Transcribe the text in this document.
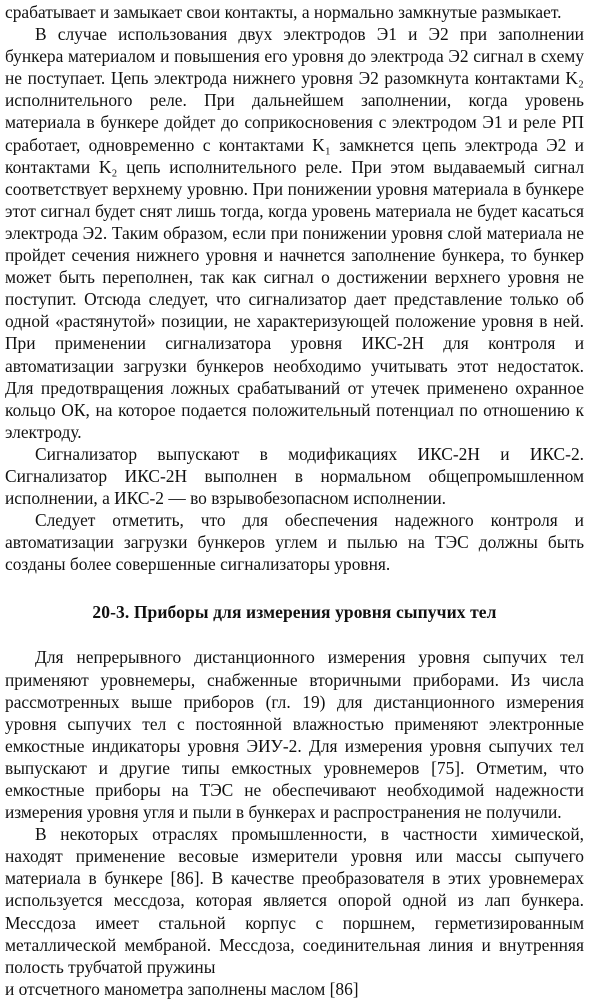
срабатывает и замыкает свои контакты, а нормально замкнутые размыкает.

В случае использования двух электродов Э1 и Э2 при заполнении бункера материалом и повышения его уровня до электрода Э2 сигнал в схему не поступает. Цепь электрода нижнего уровня Э2 разомкнута контактами K₂ исполнительного реле. При дальнейшем заполнении, когда уровень материала в бункере дойдет до соприкосновения с электродом Э1 и реле РП сработает, одновременно с контактами K₁ замкнется цепь электрода Э2 и контактами K₂ цепь исполнительного реле. При этом выдаваемый сигнал соответствует верхнему уровню. При понижении уровня материала в бункере этот сигнал будет снят лишь тогда, когда уровень материала не будет касаться электрода Э2. Таким образом, если при понижении уровня слой материала не пройдет сечения нижнего уровня и начнется заполнение бункера, то бункер может быть переполнен, так как сигнал о достижении верхнего уровня не поступит. Отсюда следует, что сигнализатор дает представление только об одной «растянутой» позиции, не характеризующей положение уровня в ней. При применении сигнализатора уровня ИКС-2Н для контроля и автоматизации загрузки бункеров необходимо учитывать этот недостаток. Для предотвращения ложных срабатываний от утечек применено охранное кольцо ОК, на которое подается положительный потенциал по отношению к электроду.

Сигнализатор выпускают в модификациях ИКС-2Н и ИКС-2. Сигнализатор ИКС-2Н выполнен в нормальном общепромышленном исполнении, а ИКС-2 — во взрывобезопасном исполнении.

Следует отметить, что для обеспечения надежного контроля и автоматизации загрузки бункеров углем и пылью на ТЭС должны быть созданы более совершенные сигнализаторы уровня.

20-3. Приборы для измерения уровня сыпучих тел

Для непрерывного дистанционного измерения уровня сыпучих тел применяют уровнемеры, снабженные вторичными приборами. Из числа рассмотренных выше приборов (гл. 19) для дистанционного измерения уровня сыпучих тел с постоянной влажностью применяют электронные емкостные индикаторы уровня ЭИУ-2. Для измерения уровня сыпучих тел выпускают и другие типы емкостных уровнемеров [75]. Отметим, что емкостные приборы на ТЭС не обеспечивают необходимой надежности измерения уровня угля и пыли в бункерах и распространения не получили.

В некоторых отраслях промышленности, в частности химической, находят применение весовые измерители уровня или массы сыпучего материала в бункере [86]. В качестве преобразователя в этих уровнемерах используется мессдоза, которая является опорой одной из лап бункера. Мессдоза имеет стальной корпус с поршнем, герметизированным металлической мембраной. Мессдоза, соединительная линия и внутренняя полость трубчатой пружины

и отсчетного манометра заполнены маслом [86]
